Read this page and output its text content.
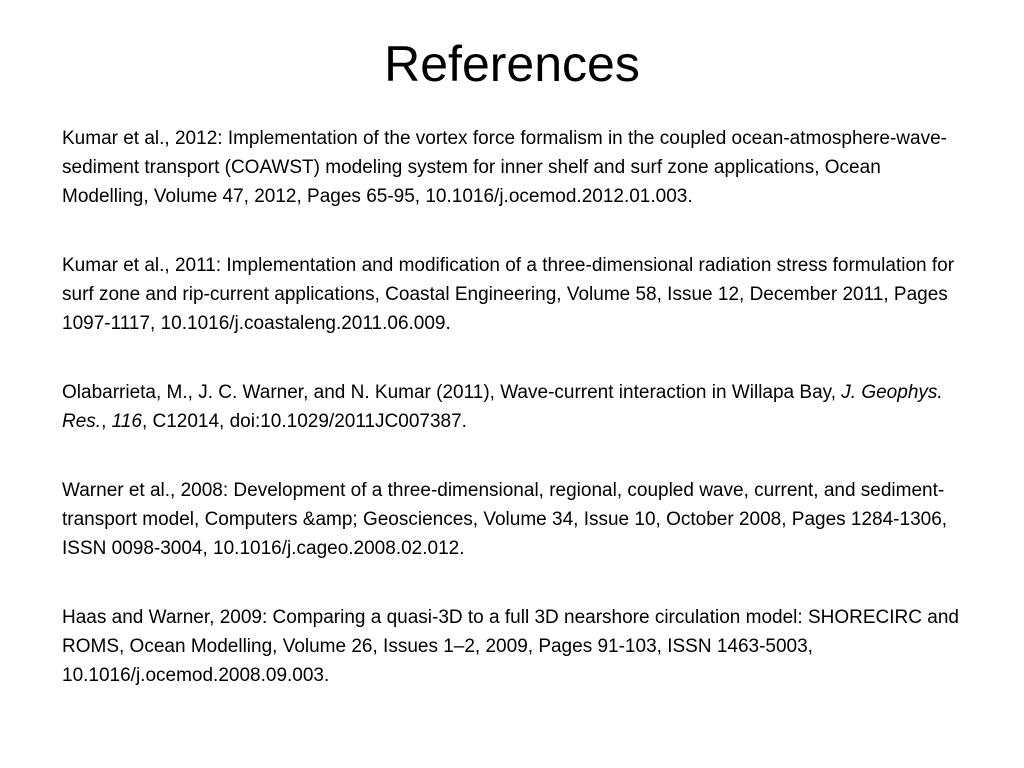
References
Kumar et al., 2012: Implementation of the vortex force formalism in the coupled ocean-atmosphere-wave-sediment transport (COAWST) modeling system for inner shelf and surf zone applications, Ocean Modelling, Volume 47, 2012, Pages 65-95, 10.1016/j.ocemod.2012.01.003.
Kumar et al., 2011: Implementation and modification of a three-dimensional radiation stress formulation for surf zone and rip-current applications, Coastal Engineering, Volume 58, Issue 12, December 2011, Pages 1097-1117, 10.1016/j.coastaleng.2011.06.009.
Olabarrieta, M., J. C. Warner, and N. Kumar (2011), Wave-current interaction in Willapa Bay, J. Geophys. Res., 116, C12014, doi:10.1029/2011JC007387.
Warner et al., 2008: Development of a three-dimensional, regional, coupled wave, current, and sediment-transport model, Computers &amp; Geosciences, Volume 34, Issue 10, October 2008, Pages 1284-1306, ISSN 0098-3004, 10.1016/j.cageo.2008.02.012.
Haas and Warner, 2009: Comparing a quasi-3D to a full 3D nearshore circulation model: SHORECIRC and ROMS, Ocean Modelling, Volume 26, Issues 1–2, 2009, Pages 91-103, ISSN 1463-5003, 10.1016/j.ocemod.2008.09.003.
